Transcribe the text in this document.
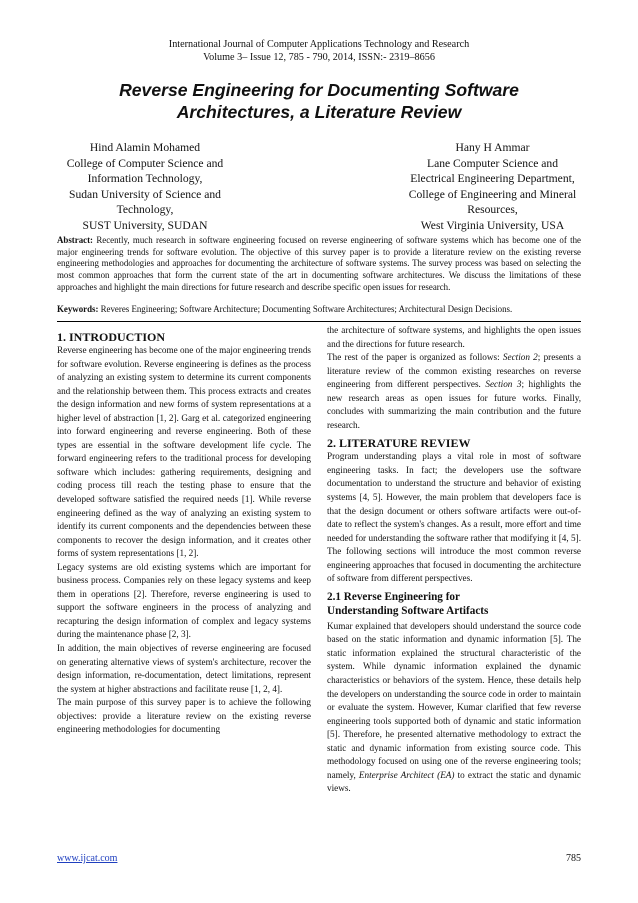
International Journal of Computer Applications Technology and Research
Volume 3– Issue 12, 785 - 790, 2014, ISSN:- 2319–8656
Reverse Engineering for Documenting Software
Architectures, a Literature Review
Hind Alamin Mohamed
College of Computer Science and
Information Technology,
Sudan University of Science and
Technology,
SUST University, SUDAN
Hany H Ammar
Lane Computer Science and
Electrical Engineering Department,
College of Engineering and Mineral
Resources,
West Virginia University, USA
Abstract: Recently, much research in software engineering focused on reverse engineering of software systems which has become one of the major engineering trends for software evolution. The objective of this survey paper is to provide a literature review on the existing reverse engineering methodologies and approaches for documenting the architecture of software systems. The survey process was based on selecting the most common approaches that form the current state of the art in documenting software architectures. We discuss the limitations of these approaches and highlight the main directions for future research and describe specific open issues for research.
Keywords: Reveres Engineering; Software Architecture; Documenting Software Architectures; Architectural Design Decisions.
1. INTRODUCTION

Reverse engineering has become one of the major engineering trends for software evolution. Reverse engineering is defines as the process of analyzing an existing system to determine its current components and the relationship between them. This process extracts and creates the design information and new forms of system representations at a higher level of abstraction [1, 2]. Garg et al. categorized engineering into forward engineering and reverse engineering. Both of these types are essential in the software development life cycle. The forward engineering refers to the traditional process for developing software which includes: gathering requirements, designing and coding process till reach the testing phase to ensure that the developed software satisfied the required needs [1]. While reverse engineering defined as the way of analyzing an existing system to identify its current components and the dependencies between these components to recover the design information, and it creates other forms of system representations [1, 2].

Legacy systems are old existing systems which are important for business process. Companies rely on these legacy systems and keep them in operations [2]. Therefore, reverse engineering is used to support the software engineers in the process of analyzing and recapturing the design information of complex and legacy systems during the maintenance phase [2, 3].

In addition, the main objectives of reverse engineering are focused on generating alternative views of system's architecture, recover the design information, re-documentation, detect limitations, represent the system at higher abstractions and facilitate reuse [1, 2, 4].

The main purpose of this survey paper is to achieve the following objectives: provide a literature review on the existing reverse engineering methodologies for documenting

the architecture of software systems, and highlights the open issues and the directions for future research.

The rest of the paper is organized as follows: Section 2; presents a literature review of the common existing researches on reverse engineering from different perspectives. Section 3; highlights the new research areas as open issues for future works. Finally, concludes with summarizing the main contribution and the future research.

2. LITERATURE REVIEW

Program understanding plays a vital role in most of software engineering tasks. In fact; the developers use the software documentation to understand the structure and behavior of existing systems [4, 5]. However, the main problem that developers face is that the design document or others software artifacts were out-of-date to reflect the system's changes. As a result, more effort and time needed for understanding the software rather that modifying it [4, 5]. The following sections will introduce the most common reverse engineering approaches that focused in documenting the architecture of software from different perspectives.

2.1 Reverse Engineering for
Understanding Software Artifacts

Kumar explained that developers should understand the source code based on the static information and dynamic information [5]. The static information explained the structural characteristic of the system. While dynamic information explained the dynamic characteristics or behaviors of the system. Hence, these details help the developers on understanding the source code in order to maintain or evaluate the system. However, Kumar clarified that few reverse engineering tools supported both of dynamic and static information [5]. Therefore, he presented alternative methodology to extract the static and dynamic information from existing source code. This methodology focused on using one of the reverse engineering tools; namely, Enterprise Architect (EA) to extract the static and dynamic views.

www.ijcat.com	785
